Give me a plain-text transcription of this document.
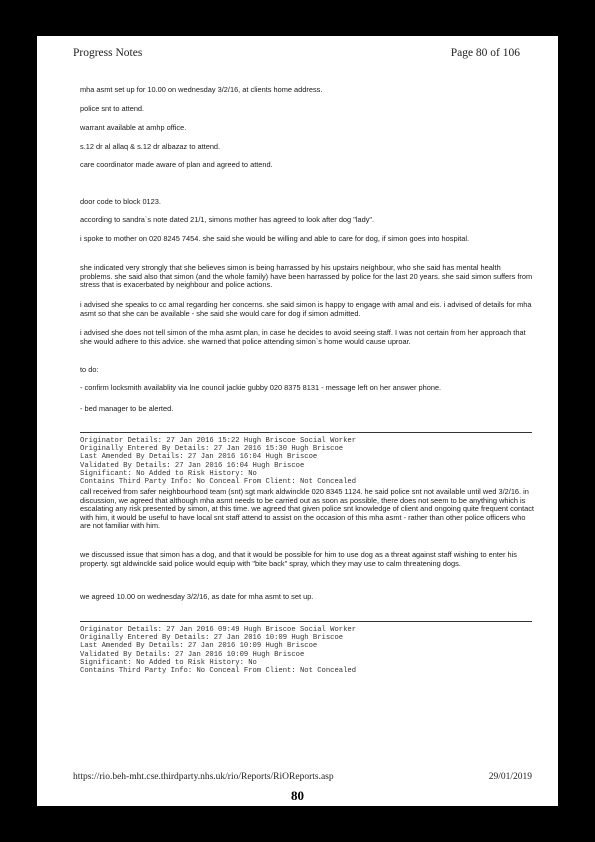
Progress Notes	Page 80 of 106

mha asmt set up for 10.00 on wednesday 3/2/16, at clients home address.

police snt to attend.

warrant available at amhp office.

s.12 dr al allaq & s.12 dr albazaz to attend.

care coordinator made aware of plan and agreed to attend.

door code to block 0123.

according to sandra`s note dated 21/1, simons mother has agreed to look after dog "lady".

i spoke to mother on 020 8245 7454. she said she would be willing and able to care for dog, if simon goes into hospital.

she indicated very strongly that she believes simon is being harrassed by his upstairs neighbour, who she said has mental health problems. she said also that simon (and the whole family) have been harrassed by police for the last 20 years. she said simon suffers from stress that is exacerbated by neighbour and police actions.

i advised she speaks to cc amal regarding her concerns. she said simon is happy to engage with amal and eis. i advised of details for mha asmt so that she can be available - she said she would care for dog if simon admitted.

i advised she does not tell simon of the mha asmt plan, in case he decides to avoid seeing staff. I was not certain from her approach that she would adhere to this advice. she warned that police attending simon`s home would cause uproar.

to do:

- confirm locksmith availablity via lne council jackie gubby 020 8375 8131 - message left on her answer phone.

- bed manager to be alerted.

Originator Details: 27 Jan 2016 15:22 Hugh Briscoe Social Worker
Originally Entered By Details: 27 Jan 2016 15:30 Hugh Briscoe
Last Amended By Details: 27 Jan 2016 16:04 Hugh Briscoe
Validated By Details: 27 Jan 2016 16:04 Hugh Briscoe
Significant: No Added to Risk History: No
Contains Third Party Info: No Conceal From Client: Not Concealed

call received from safer neighbourhood team (snt) sgt mark aldwinckle 020 8345 1124. he said police snt not available until wed 3/2/16. in discussion, we agreed that although mha asmt needs to be carried out as soon as possible, there does not seem to be anything which is escalating any risk presented by simon, at this time. we agreed that given police snt knowledge of client and ongoing quite frequent contact with him, it would be useful to have local snt staff attend to assist on the occasion of this mha asmt - rather than other police officers who are not familiar with him.

we discussed issue that simon has a dog, and that it would be possible for him to use dog as a threat against staff wishing to enter his property. sgt aldwinckle said police would equip with "bite back" spray, which they may use to calm threatening dogs.

we agreed 10.00 on wednesday 3/2/16, as date for mha asmt to set up.

Originator Details: 27 Jan 2016 09:49 Hugh Briscoe Social Worker
Originally Entered By Details: 27 Jan 2016 10:09 Hugh Briscoe
Last Amended By Details: 27 Jan 2016 10:09 Hugh Briscoe
Validated By Details: 27 Jan 2016 10:09 Hugh Briscoe
Significant: No Added to Risk History: No
Contains Third Party Info: No Conceal From Client: Not Concealed
https://rio.beh-mht.cse.thirdparty.nhs.uk/rio/Reports/RiOReports.asp	29/01/2019
80
